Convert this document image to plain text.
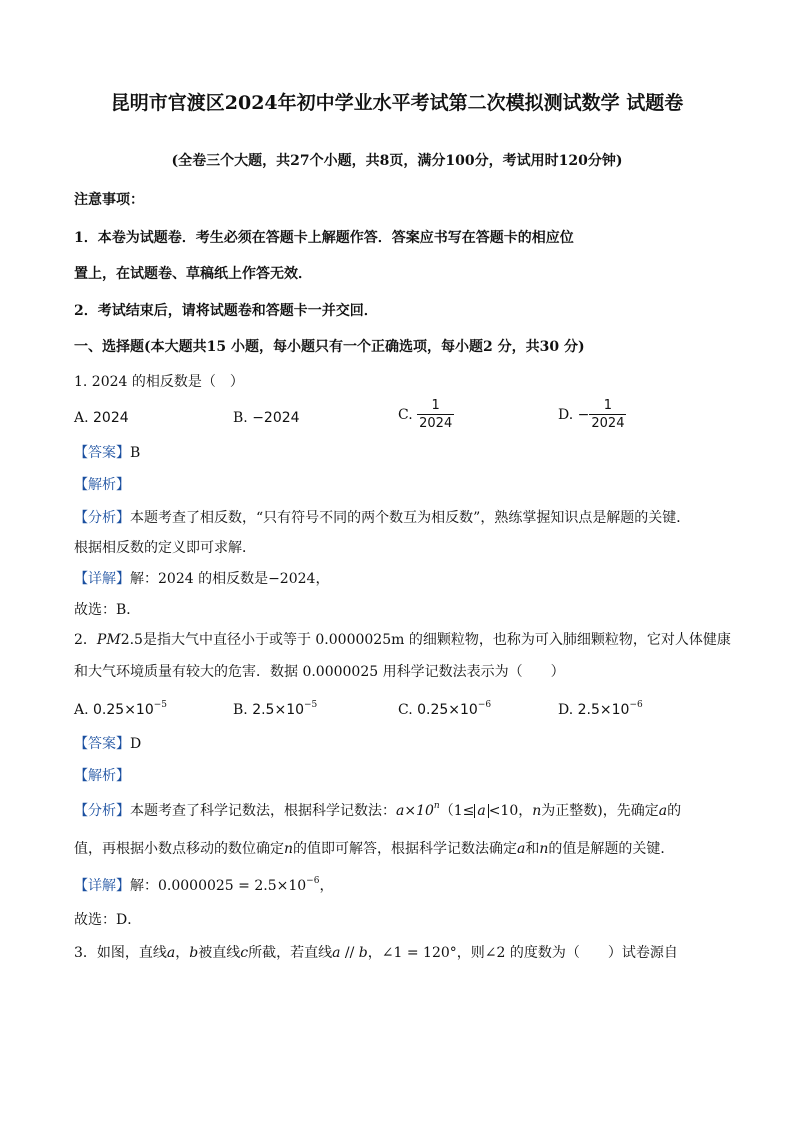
昆明市官渡区2024年初中学业水平考试第二次模拟测试数学 试题卷
(全卷三个大题，共27个小题，共8页，满分100分，考试用时120分钟)
注意事项：
1．本卷为试题卷．考生必须在答题卡上解题作答．答案应书写在答题卡的相应位
置上，在试题卷、草稿纸上作答无效．
2．考试结束后，请将试题卷和答题卡一并交回．
一、选择题(本大题共15 小题，每小题只有一个正确选项，每小题2 分，共30 分)
1. 2024 的相反数是（　）
A. 2024	B. −2024	C. $\frac{1}{2024}$	D. − $\frac{1}{2024}$
【答案】B
【解析】
【分析】本题考查了相反数，“只有符号不同的两个数互为相反数”，熟练掌握知识点是解题的关键．
根据相反数的定义即可求解．
【详解】解：2024 的相反数是−2024，
故选：B．
2．PM2.5是指大气中直径小于或等于 0.0000025m 的细颗粒物，也称为可入肺细颗粒物，它对人体健康
和大气环境质量有较大的危害．数据 0.0000025 用科学记数法表示为（　　）
A. $0.25\times 10^{-5}$	B. $2.5\times 10^{-5}$	C. $0.25\times 10^{-6}$	D. $2.5\times 10^{-6}$
【答案】D
【解析】
【分析】本题考查了科学记数法，根据科学记数法：$a\times 10^n(1\le a <10$，n为正整数)，先确定a的
值，再根据小数点移动的数位确定n的值即可解答，根据科学记数法确定a和n的值是解题的关键．
【详解】解：$0.0000025 = 2.5\times 10^{-6}$，
故选：D．
3．如图，直线a，b被直线c所截，若直线a // b，∠1 = 120°，则∠2 的度数为（　　）试卷源自
